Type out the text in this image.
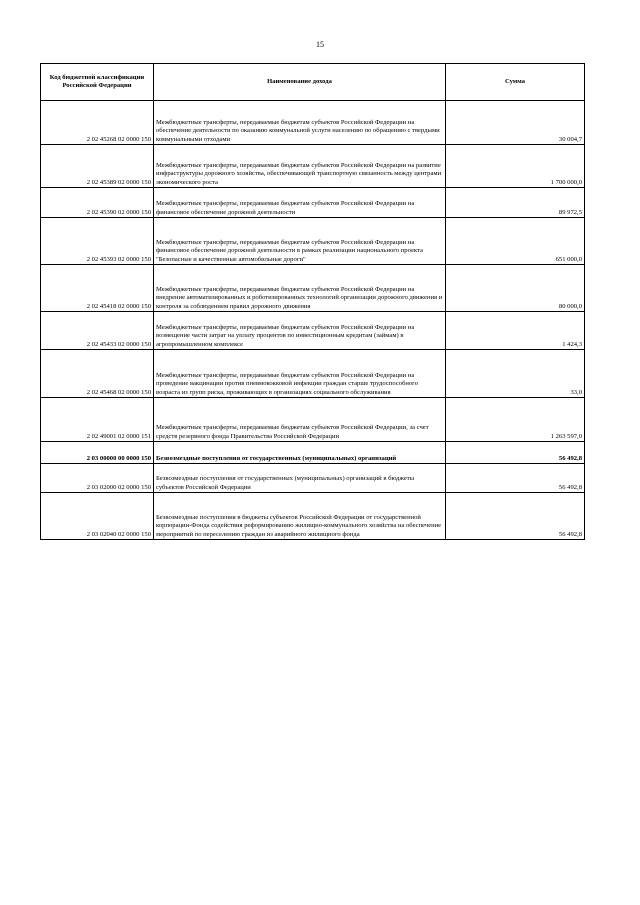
15
Код бюджетной классификации Российской Федерации	Наименование дохода	Сумма
2 02 45268 02 0000 150	Межбюджетные трансферты, передаваемые бюджетам субъектов Российской Федерации на обеспечение деятельности по оказанию коммунальной услуги населению по обращению с твердыми коммунальными отходами	30 004,7
2 02 45389 02 0000 150	Межбюджетные трансферты, передаваемые бюджетам субъектов Российской Федерации на развитие инфраструктуры дорожного хозяйства, обеспечивающей транспортную связанность между центрами экономического роста	1 700 000,0
2 02 45390 02 0000 150	Межбюджетные трансферты, передаваемые бюджетам субъектов Российской Федерации на финансовое обеспечение дорожной деятельности	89 972,5
2 02 45393 02 0000 150	Межбюджетные трансферты, передаваемые бюджетам субъектов Российской Федерации на финансовое обеспечение дорожной деятельности в рамках реализации национального проекта "Безопасные и качественные автомобильные дороги"	651 000,0
2 02 45418 02 0000 150	Межбюджетные трансферты, передаваемые бюджетам субъектов Российской Федерации на внедрение автоматизированных и роботизированных технологий организации дорожного движения и контроля за соблюдением правил дорожного движения	80 000,0
2 02 45433 02 0000 150	Межбюджетные трансферты, передаваемые бюджетам субъектов Российской Федерации на возмещение части затрат на уплату процентов по инвестиционным кредитам (займам) в агропромышленном комплексе	1 424,3
2 02 45468 02 0000 150	Межбюджетные трансферты, передаваемые бюджетам субъектов Российской Федерации на проведение вакцинации против пневмококковой инфекции граждан старше трудоспособного возраста из групп риска, проживающих в организациях социального обслуживания	33,0
2 02 49001 02 0000 151	Межбюджетные трансферты, передаваемые бюджетам субъектов Российской Федерации, за счет средств резервного фонда Правительства Российской Федерации	1 263 597,0
2 03 00000 00 0000 150	Безвозмездные поступления от государственных (муниципальных) организаций	56 492,8
2 03 02000 02 0000 150	Безвозмездные поступления от государственных (муниципальных) организаций в бюджеты субъектов Российской Федерации	56 492,8
2 03 02040 02 0000 150	Безвозмездные поступления в бюджеты субъектов Российской Федерации от государственной корпорации-Фонда содействия реформированию жилищно-коммунального хозяйства на обеспечение мероприятий по переселению граждан из аварийного жилищного фонда	56 492,8
